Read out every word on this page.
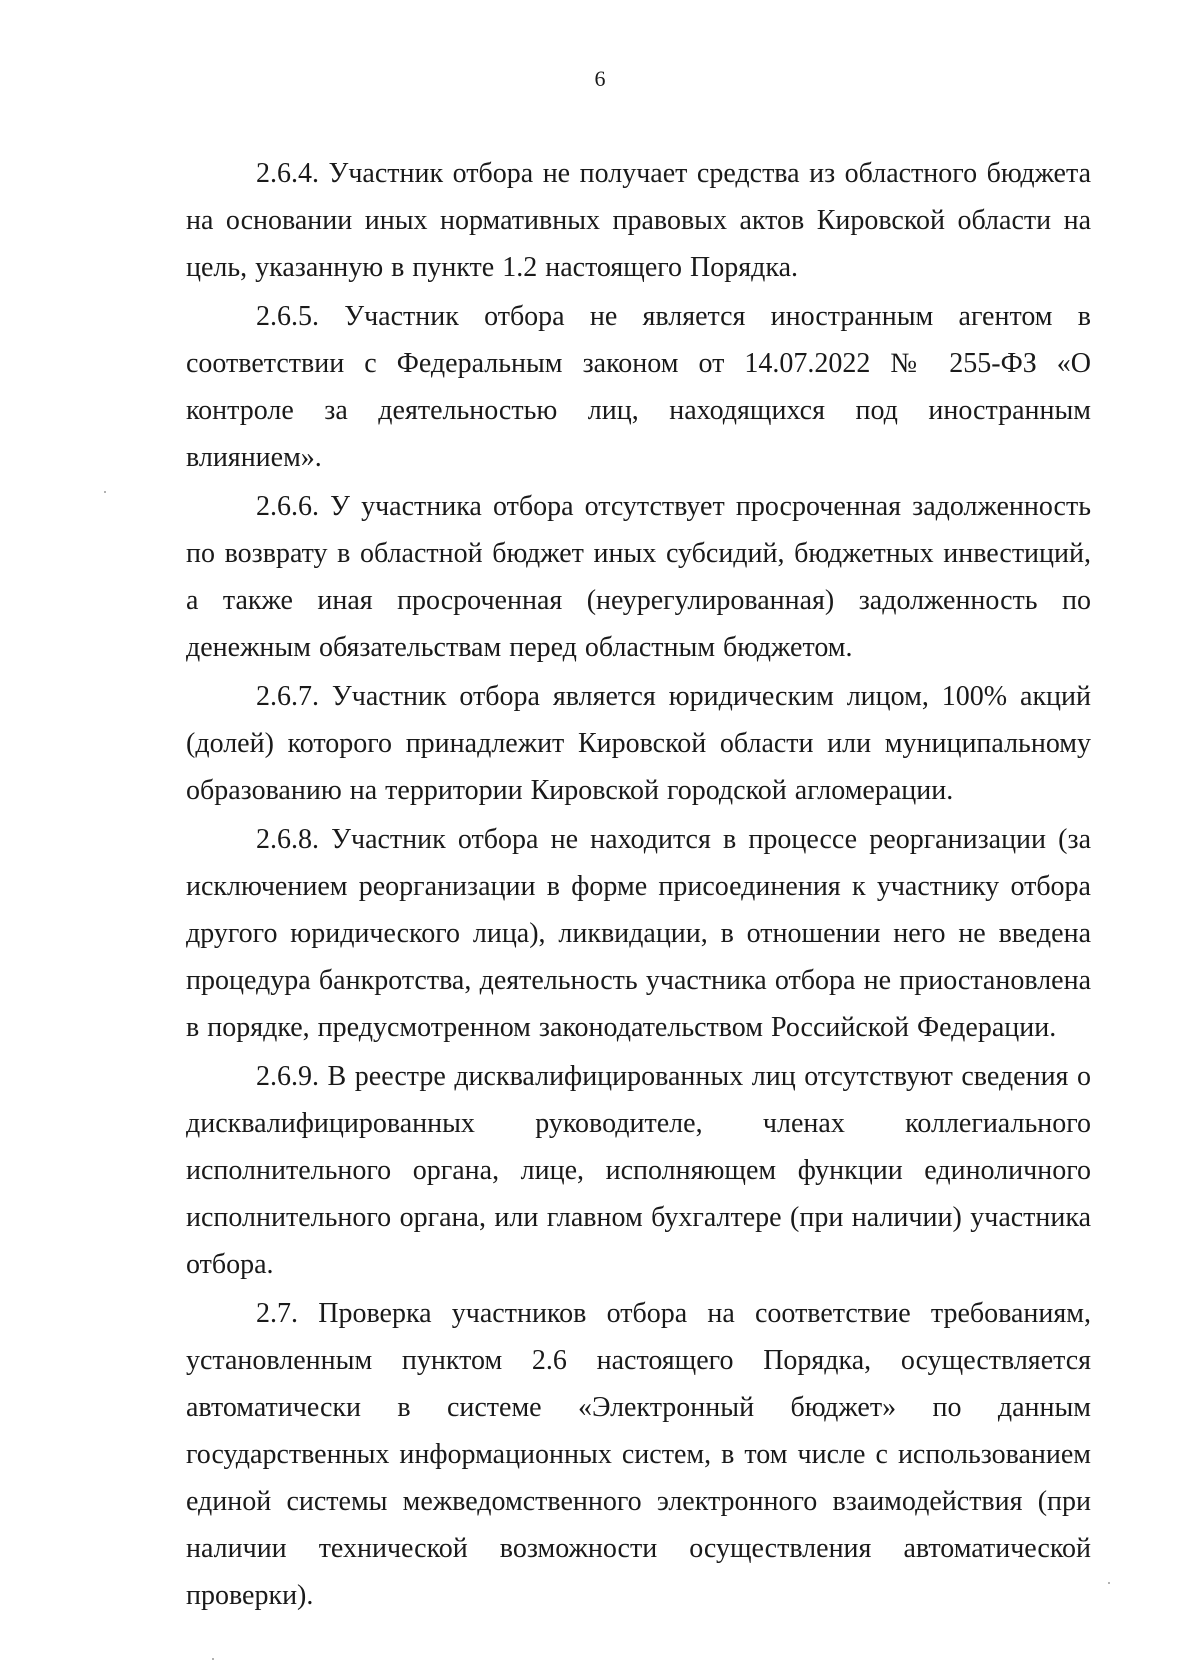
6

2.6.4. Участник отбора не получает средства из областного бюджета на основании иных нормативных правовых актов Кировской области на цель, указанную в пункте 1.2 настоящего Порядка.

2.6.5. Участник отбора не является иностранным агентом в соответствии с Федеральным законом от 14.07.2022 № 255-ФЗ «О контроле за деятельностью лиц, находящихся под иностранным влиянием».

2.6.6. У участника отбора отсутствует просроченная задолженность по возврату в областной бюджет иных субсидий, бюджетных инвестиций, а также иная просроченная (неурегулированная) задолженность по денежным обязательствам перед областным бюджетом.

2.6.7. Участник отбора является юридическим лицом, 100% акций (долей) которого принадлежит Кировской области или муниципальному образованию на территории Кировской городской агломерации.

2.6.8. Участник отбора не находится в процессе реорганизации (за исключением реорганизации в форме присоединения к участнику отбора другого юридического лица), ликвидации, в отношении него не введена процедура банкротства, деятельность участника отбора не приостановлена в порядке, предусмотренном законодательством Российской Федерации.

2.6.9. В реестре дисквалифицированных лиц отсутствуют сведения о дисквалифицированных руководителе, членах коллегиального исполнительного органа, лице, исполняющем функции единоличного исполнительного органа, или главном бухгалтере (при наличии) участника отбора.

2.7. Проверка участников отбора на соответствие требованиям, установленным пунктом 2.6 настоящего Порядка, осуществляется автоматически в системе «Электронный бюджет» по данным государственных информационных систем, в том числе с использованием единой системы межведомственного электронного взаимодействия (при наличии технической возможности осуществления автоматической проверки).
